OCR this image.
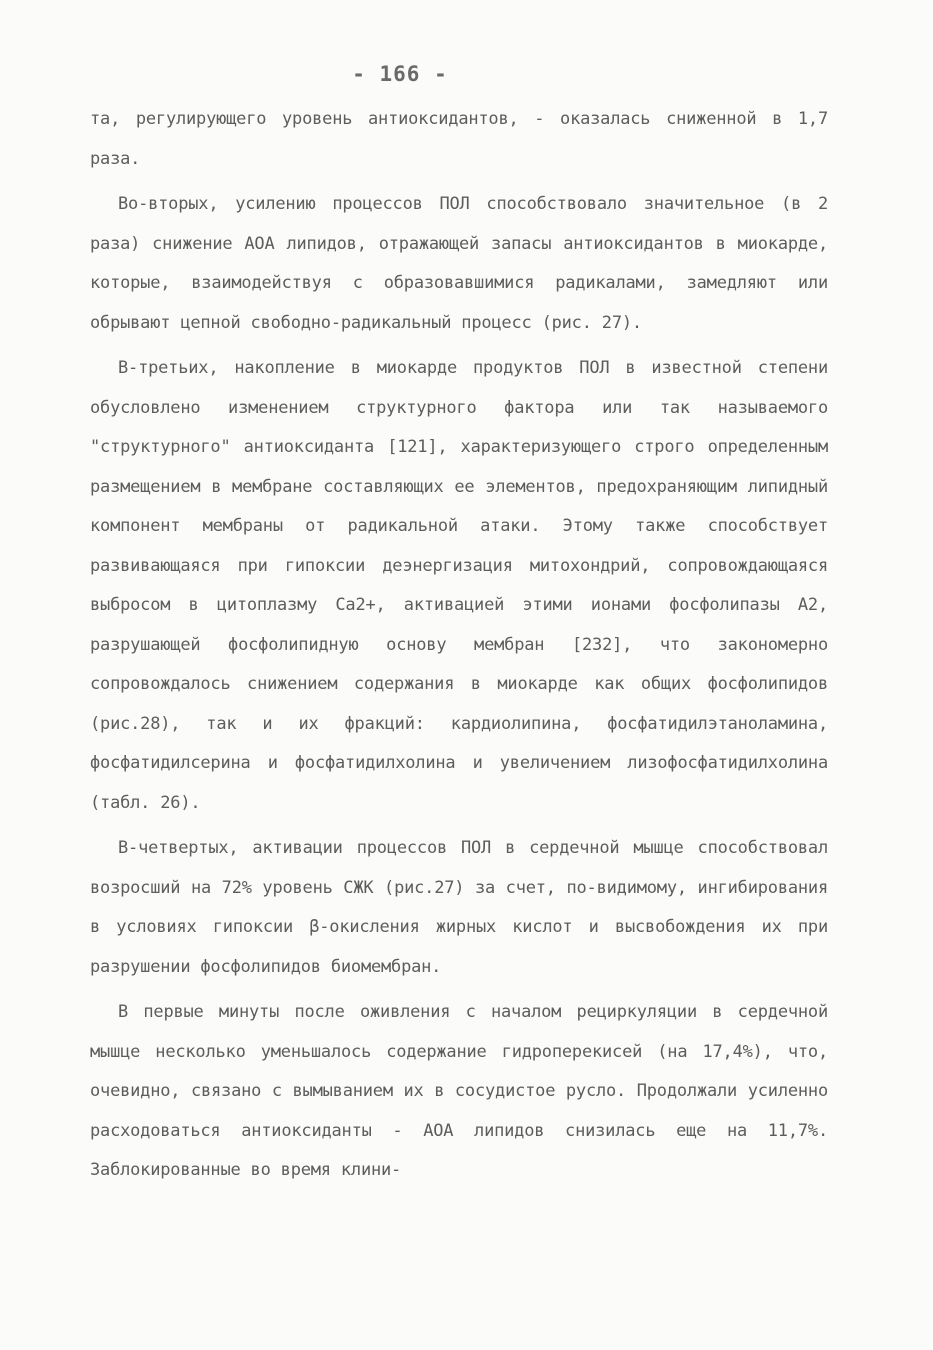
- 166 -

та, регулирующего уровень антиоксидантов, - оказалась сниженной в 1,7 раза.

Во-вторых, усилению процессов ПОЛ способствовало значительное (в 2 раза) снижение АОА липидов, отражающей запасы антиоксидантов в миокарде, которые, взаимодействуя с образовавшимися радикалами, замедляют или обрывают цепной свободно-радикальный процесс (рис. 27).

В-третьих, накопление в миокарде продуктов ПОЛ в известной степени обусловлено изменением структурного фактора или так называемого "структурного" антиоксиданта [121], характеризующего строго определенным размещением в мембране составляющих ее элементов, предохраняющим липидный компонент мембраны от радикальной атаки. Этому также способствует развивающаяся при гипоксии деэнергизация митохондрий, сопровождающаяся выбросом в цитоплазму Ca2+, активацией этими ионами фосфолипазы A2, разрушающей фосфолипидную основу мембран [232], что закономерно сопровождалось снижением содержания в миокарде как общих фосфолипидов (рис.28), так и их фракций: кардиолипина, фосфатидилэтаноламина, фосфатидилсерина и фосфатидилхолина и увеличением лизофосфатидилхолина (табл. 26).

В-четвертых, активации процессов ПОЛ в сердечной мышце способствовал возросший на 72% уровень СЖК (рис.27) за счет, по-видимому, ингибирования в условиях гипоксии β-окисления жирных кислот и высвобождения их при разрушении фосфолипидов биомембран.

В первые минуты после оживления с началом рециркуляции в сердечной мышце несколько уменьшалось содержание гидроперекисей (на 17,4%), что, очевидно, связано с вымыванием их в сосудистое русло. Продолжали усиленно расходоваться антиоксиданты - АОА липидов снизилась еще на 11,7%. Заблокированные во время клини-
